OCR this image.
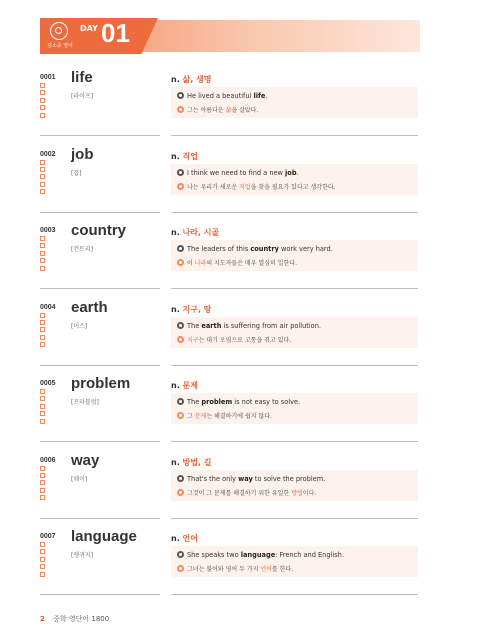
김소중 영어
DAY 01
0001 life
[라이프]
n. 삶, 생명
He lived a beautiful life.
그는 아름다운 삶을 살았다.
0002 job
[잡]
n. 직업
I think we need to find a new job.
나는 우리가 새로운 직업을 찾을 필요가 있다고 생각한다.
0003 country
[컨트리]
n. 나라, 시골
The leaders of this country work very hard.
이 나라의 지도자들은 매우 열심히 일한다.
0004 earth
[어스]
n. 지구, 땅
The earth is suffering from air pollution.
지구는 대기 오염으로 고통을 겪고 있다.
0005 problem
[프라블럼]
n. 문제
The problem is not easy to solve.
그 문제는 해결하기에 쉽지 않다.
0006 way
[웨이]
n. 방법, 길
That's the only way to solve the problem.
그것이 그 문제를 해결하기 위한 유일한 방법이다.
0007 language
[랭귀지]
n. 언어
She speaks two language: French and English.
그녀는 불어와 영어 두 가지 언어를 한다.
2 중학 영단어 1800
